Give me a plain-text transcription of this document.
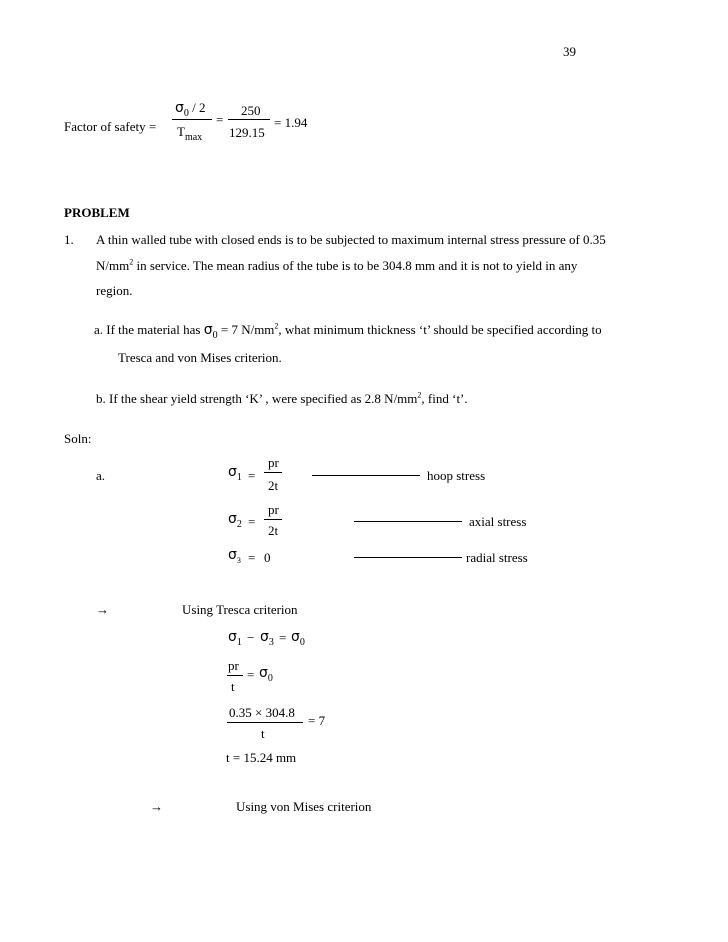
39
Factor of safety =
$\sigma_0 / 2$
$T_{max}$
=
250
129.15
= 1.94
PROBLEM
1. A thin walled tube with closed ends is to be subjected to maximum internal stress pressure of 0.35
$N/mm^2$ in service. The mean radius of the tube is to be 304.8 mm and it is not to yield in any
region.
a. If the material has $\sigma_0 = 7$ $N/mm^2$, what minimum thickness ‘t’ should be specified according to
Tresca and von Mises criterion.
b. If the shear yield strength ‘K’ , were specified as 2.8 $N/mm^2$, find ‘t’.
Soln:
a.	$\sigma_1$ =
pr
2t
hoop stress
$\sigma_2$ =
pr
2t
axial stress
$\sigma_3 = 0$	radial stress
→	Using Tresca criterion
$\sigma_1 - \sigma_3 = \sigma_0$
pr
t
= $\sigma_0$
0.35 × 304.8
t
= 7
t = 15.24 mm
→	Using von Mises criterion
